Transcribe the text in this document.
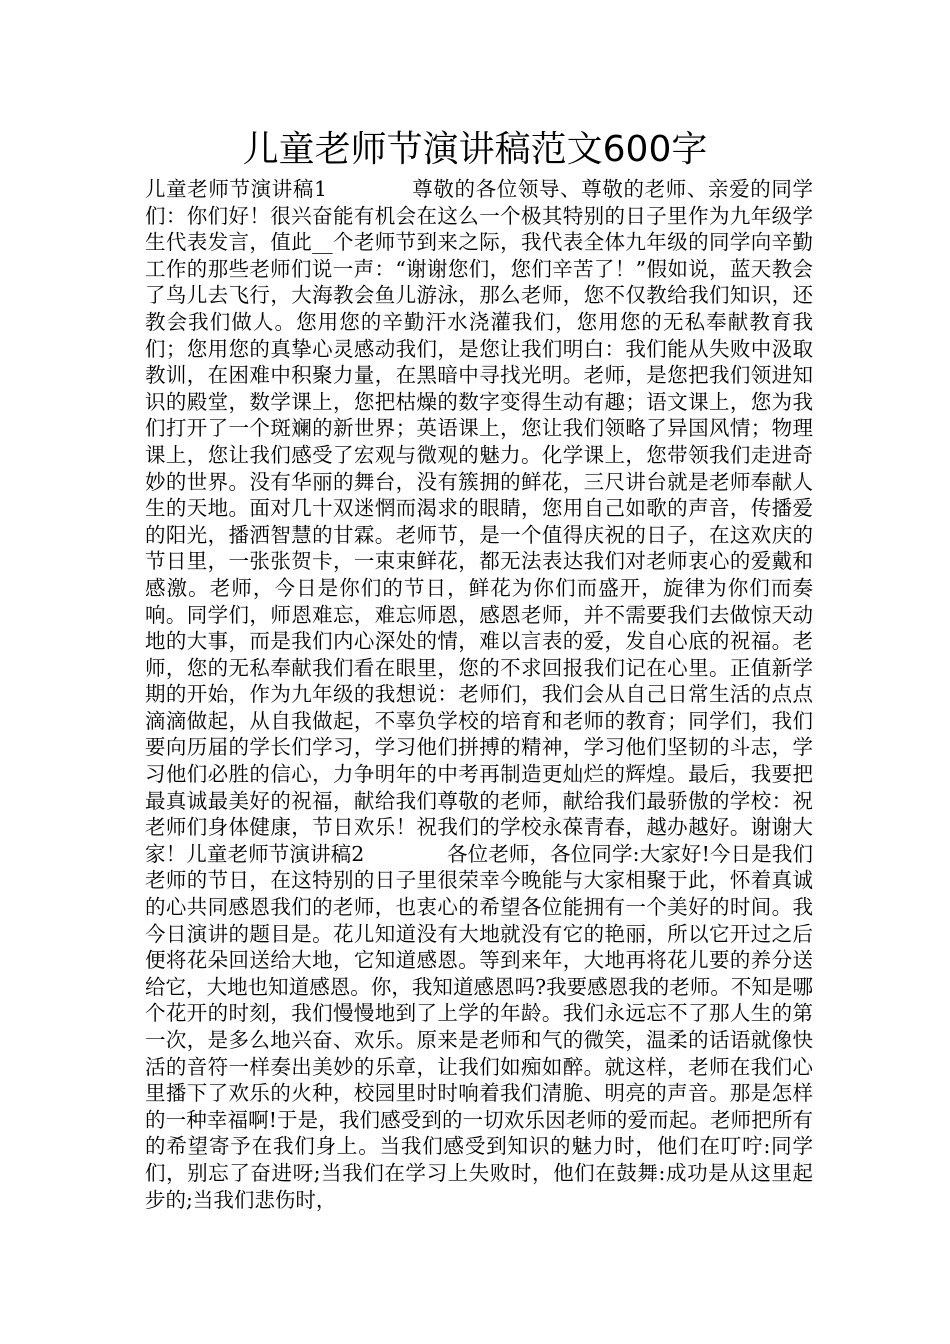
儿童老师节演讲稿范文600字

儿童老师节演讲稿1　　　　尊敬的各位领导、尊敬的老师、亲爱的同学们：你们好！很兴奋能有机会在这么一个极其特别的日子里作为九年级学生代表发言，值此__个老师节到来之际，我代表全体九年级的同学向辛勤工作的那些老师们说一声：“谢谢您们，您们辛苦了！”假如说，蓝天教会了鸟儿去飞行，大海教会鱼儿游泳，那么老师，您不仅教给我们知识，还教会我们做人。您用您的辛勤汗水浇灌我们，您用您的无私奉献教育我们；您用您的真挚心灵感动我们，是您让我们明白：我们能从失败中汲取教训，在困难中积聚力量，在黑暗中寻找光明。老师，是您把我们领进知识的殿堂，数学课上，您把枯燥的数字变得生动有趣；语文课上，您为我们打开了一个斑斓的新世界；英语课上，您让我们领略了异国风情；物理课上，您让我们感受了宏观与微观的魅力。化学课上，您带领我们走进奇妙的世界。没有华丽的舞台，没有簇拥的鲜花，三尺讲台就是老师奉献人生的天地。面对几十双迷惘而渴求的眼睛，您用自己如歌的声音，传播爱的阳光，播洒智慧的甘霖。老师节，是一个值得庆祝的日子，在这欢庆的节日里，一张张贺卡，一束束鲜花，都无法表达我们对老师衷心的爱戴和感激。老师，今日是你们的节日，鲜花为你们而盛开，旋律为你们而奏响。同学们，师恩难忘，难忘师恩，感恩老师，并不需要我们去做惊天动地的大事，而是我们内心深处的情，难以言表的爱，发自心底的祝福。老师，您的无私奉献我们看在眼里，您的不求回报我们记在心里。正值新学期的开始，作为九年级的我想说：老师们，我们会从自己日常生活的点点滴滴做起，从自我做起，不辜负学校的培育和老师的教育；同学们，我们要向历届的学长们学习，学习他们拼搏的精神，学习他们坚韧的斗志，学习他们必胜的信心，力争明年的中考再制造更灿烂的辉煌。最后，我要把最真诚最美好的祝福，献给我们尊敬的老师，献给我们最骄傲的学校：祝老师们身体健康，节日欢乐！祝我们的学校永葆青春，越办越好。谢谢大家！儿童老师节演讲稿2　　　　各位老师，各位同学:大家好!今日是我们老师的节日，在这特别的日子里很荣幸今晚能与大家相聚于此，怀着真诚的心共同感恩我们的老师，也衷心的希望各位能拥有一个美好的时间。我今日演讲的题目是。花儿知道没有大地就没有它的艳丽，所以它开过之后便将花朵回送给大地，它知道感恩。等到来年，大地再将花儿要的养分送给它，大地也知道感恩。你，我知道感恩吗?我要感恩我的老师。不知是哪个花开的时刻，我们慢慢地到了上学的年龄。我们永远忘不了那人生的第一次，是多么地兴奋、欢乐。原来是老师和气的微笑，温柔的话语就像快活的音符一样奏出美妙的乐章，让我们如痴如醉。就这样，老师在我们心里播下了欢乐的火种，校园里时时响着我们清脆、明亮的声音。那是怎样的一种幸福啊!于是，我们感受到的一切欢乐因老师的爱而起。老师把所有的希望寄予在我们身上。当我们感受到知识的魅力时，他们在叮咛:同学们，别忘了奋进呀;当我们在学习上失败时，他们在鼓舞:成功是从这里起步的;当我们悲伤时，
